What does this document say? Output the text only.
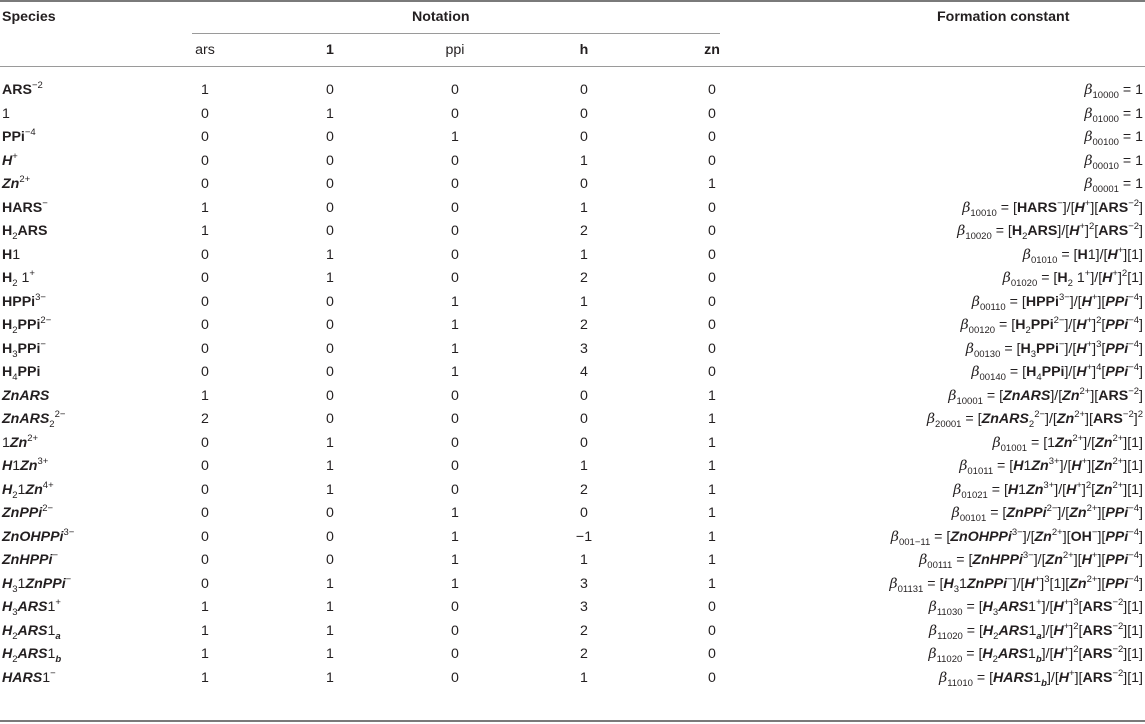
Species	Notation	Formation constant
ars	1	ppi	h	zn
$ARS^{-2}$	1	0	0	0	0	$\beta_{10000} = 1$
1	0	1	0	0	0	$\beta_{01000} = 1$
PPi$^{-4}$	0	0	1	0	0	$\beta_{00100} = 1$
H+	0	0	0	1	0	$\beta_{00010} = 1$
$Zn^{2+}$	0	0	0	0	1	$\beta_{00001} = 1$
HARS−	1	0	0	1	0	$\beta_{10010}$ = $[HARS^-]/[H^+][ARS^{-2}]$
$H_2ARS$	1	0	0	2	0	$\beta_{10020} = [H_2ARS]/[H^+]^2[ARS^{-2}]$
H1	0	1	0	1	0	$\beta_{01010} = [H1]/[H^+][1]$
$H_2$ 1+	0	1	0	2	0	$\beta_{01020} = [H_2$ $1^+]/[H^+]^2[1]$
HPPi$^{3-}$	0	0	1	1	0	$\beta_{00110}$ = [HPPi$^{3-}$]/[H+][PPi$^{-4}$]
$H_2PPi^{2-}$	0	0	1	2	0	$\beta_{00120} = [H_2PPi^{2-}]/[H^+]^2[PPi^{-4}]$
$H_3PPi^-$	0	0	1	3	0	$\beta_{00130} = [H_3PPi^-]/[H^+]^3[PPi^{-4}]$
$H_4PPi$	0	0	1	4	0	$\beta_{00140} = [H_4PPi]/[H^+]^4[PPi^{-4}]$
ZnARS	1	0	0	0	1	$\beta_{10001}$ = $[ZnARS]/[Zn^{2+}][ARS^{-2}]$
ZnARS$_2^{2-}$	2	0	0	0	1	$\beta_{20001}$ = $[ZnARS_2^{2-}]/[Zn^{2+}][ARS^{-2}]^2$
$1Zn^{2+}$	0	1	0	0	1	$\beta_{01001} = [1Zn^{2+}]/[Zn^{2+}][1]$
$H1Zn^{3+}$	0	1	0	1	1	$\beta_{01011} = [H1Zn^{3+}]/[H^+][Zn^{2+}][1]$
$H_21Zn^{4+}$	0	1	0	2	1	$\beta_{01021} = [H1Zn^{3+}]/[H^+]^2[Zn^{2+}][1]$
ZnPPi$^{2-}$	0	0	1	0	1	$\beta_{00101}$ = $[ZnPPi^{2-}]/[Zn^{2+}][PPi^{-4}]$
ZnOHPPi$^{3-}$	0	0	1	−1	1	$\beta_{001-11}$ = $[ZnOHPPi^{3-}]/[Zn^{2+}][OH^-][PPi^{-4}]$
ZnHPPi−	0	0	1	1	1	$\beta_{00111}$ = $[ZnHPPi^{3-}]/[Zn^{2+}][H^+][PPi^{-4}]$
$H_31ZnPPi^-$	0	1	1	3	1	$\beta_{01131}$ = $[H_31ZnPPi^-]/[H^+]^3[1][Zn^{2+}][PPi^{-4}]$
$H_3ARS1^+$	1	1	0	3	0	$\beta_{11030} = [H_3ARS1^+]/[H^+]^3[ARS^{-2}][1]$
$H_2ARS1_a$	1	1	0	2	0	$\beta_{11020} = [H_2ARS1_a]/[H^+]^2[ARS^{-2}][1]$
$H_2ARS1_b$	1	1	0	2	0	$\beta_{11020} = [H_2ARS1_b]/[H^+]^2[ARS^{-2}][1]$
HARS1−	1	1	0	1	0	$\beta_{11010}$ = $[HARS1_b]/[H^+][ARS^{-2}][1]$
